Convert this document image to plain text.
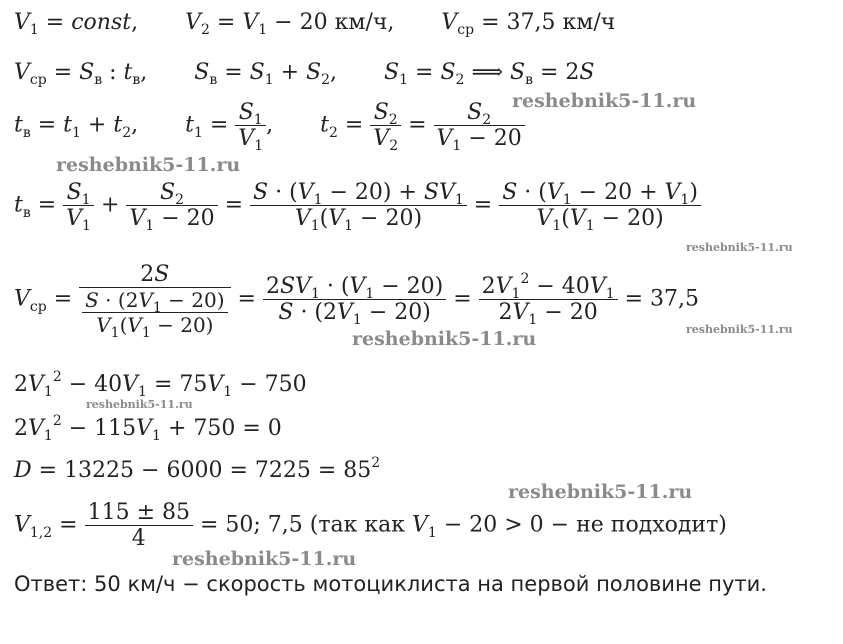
$V_1$ = const, $V_2 = V_1 - 20$ км/ч, $V_{ср} = 37,5$ км/ч
$V_{ср} = S_в$ : $t_в$, $S_в = S_1 + S_2$, $S_1 = S_2$ ⟹ $S_в = 2S$
$t_в = t_1 + t_2$, $t_1 = \frac{S_1}{V_1}$ , $t_2 = \frac{S_2}{V_2} = \frac{S_2}{V_1 - 20}$
$t_в = \frac{S_1}{V_1} + \frac{S_2}{V_1 - 20} = \frac{S \cdot (V_1 - 20) + SV_1}{V_1(V_1 - 20)} = \frac{S \cdot (V_1 - 20 + V_1)}{V_1(V_1 - 20)}$
$V_{ср} = \frac{2S}{\frac{S \cdot (2V_1 - 20)}{V_1(V_1 - 20)}} = \frac{2SV_1 \cdot (V_1 - 20)}{S \cdot (2V_1 - 20)} = \frac{2V_1^2 - 40V_1}{2V_1 - 20} = 37,5$
$2V_1^2 - 40V_1 = 75V_1 - 750$
$2V_1^2 - 115V_1 + 750 = 0$
$D = 13225 - 6000 = 7225 = 85^2$
$V_{1,2} = \frac{115 \pm 85}{4} = 50$; 7,5 (так как $V_1 - 20 > 0$ − не подходит)
Ответ: 50 км/ч − скорость мотоциклиста на первой половине пути.
reshebnik5-11.ru
reshebnik5-11.ru
reshebnik5-11.ru
reshebnik5-11.ru
reshebnik5-11.ru
reshebnik5-11.ru
reshebnik5-11.ru
reshebnik5-11.ru
